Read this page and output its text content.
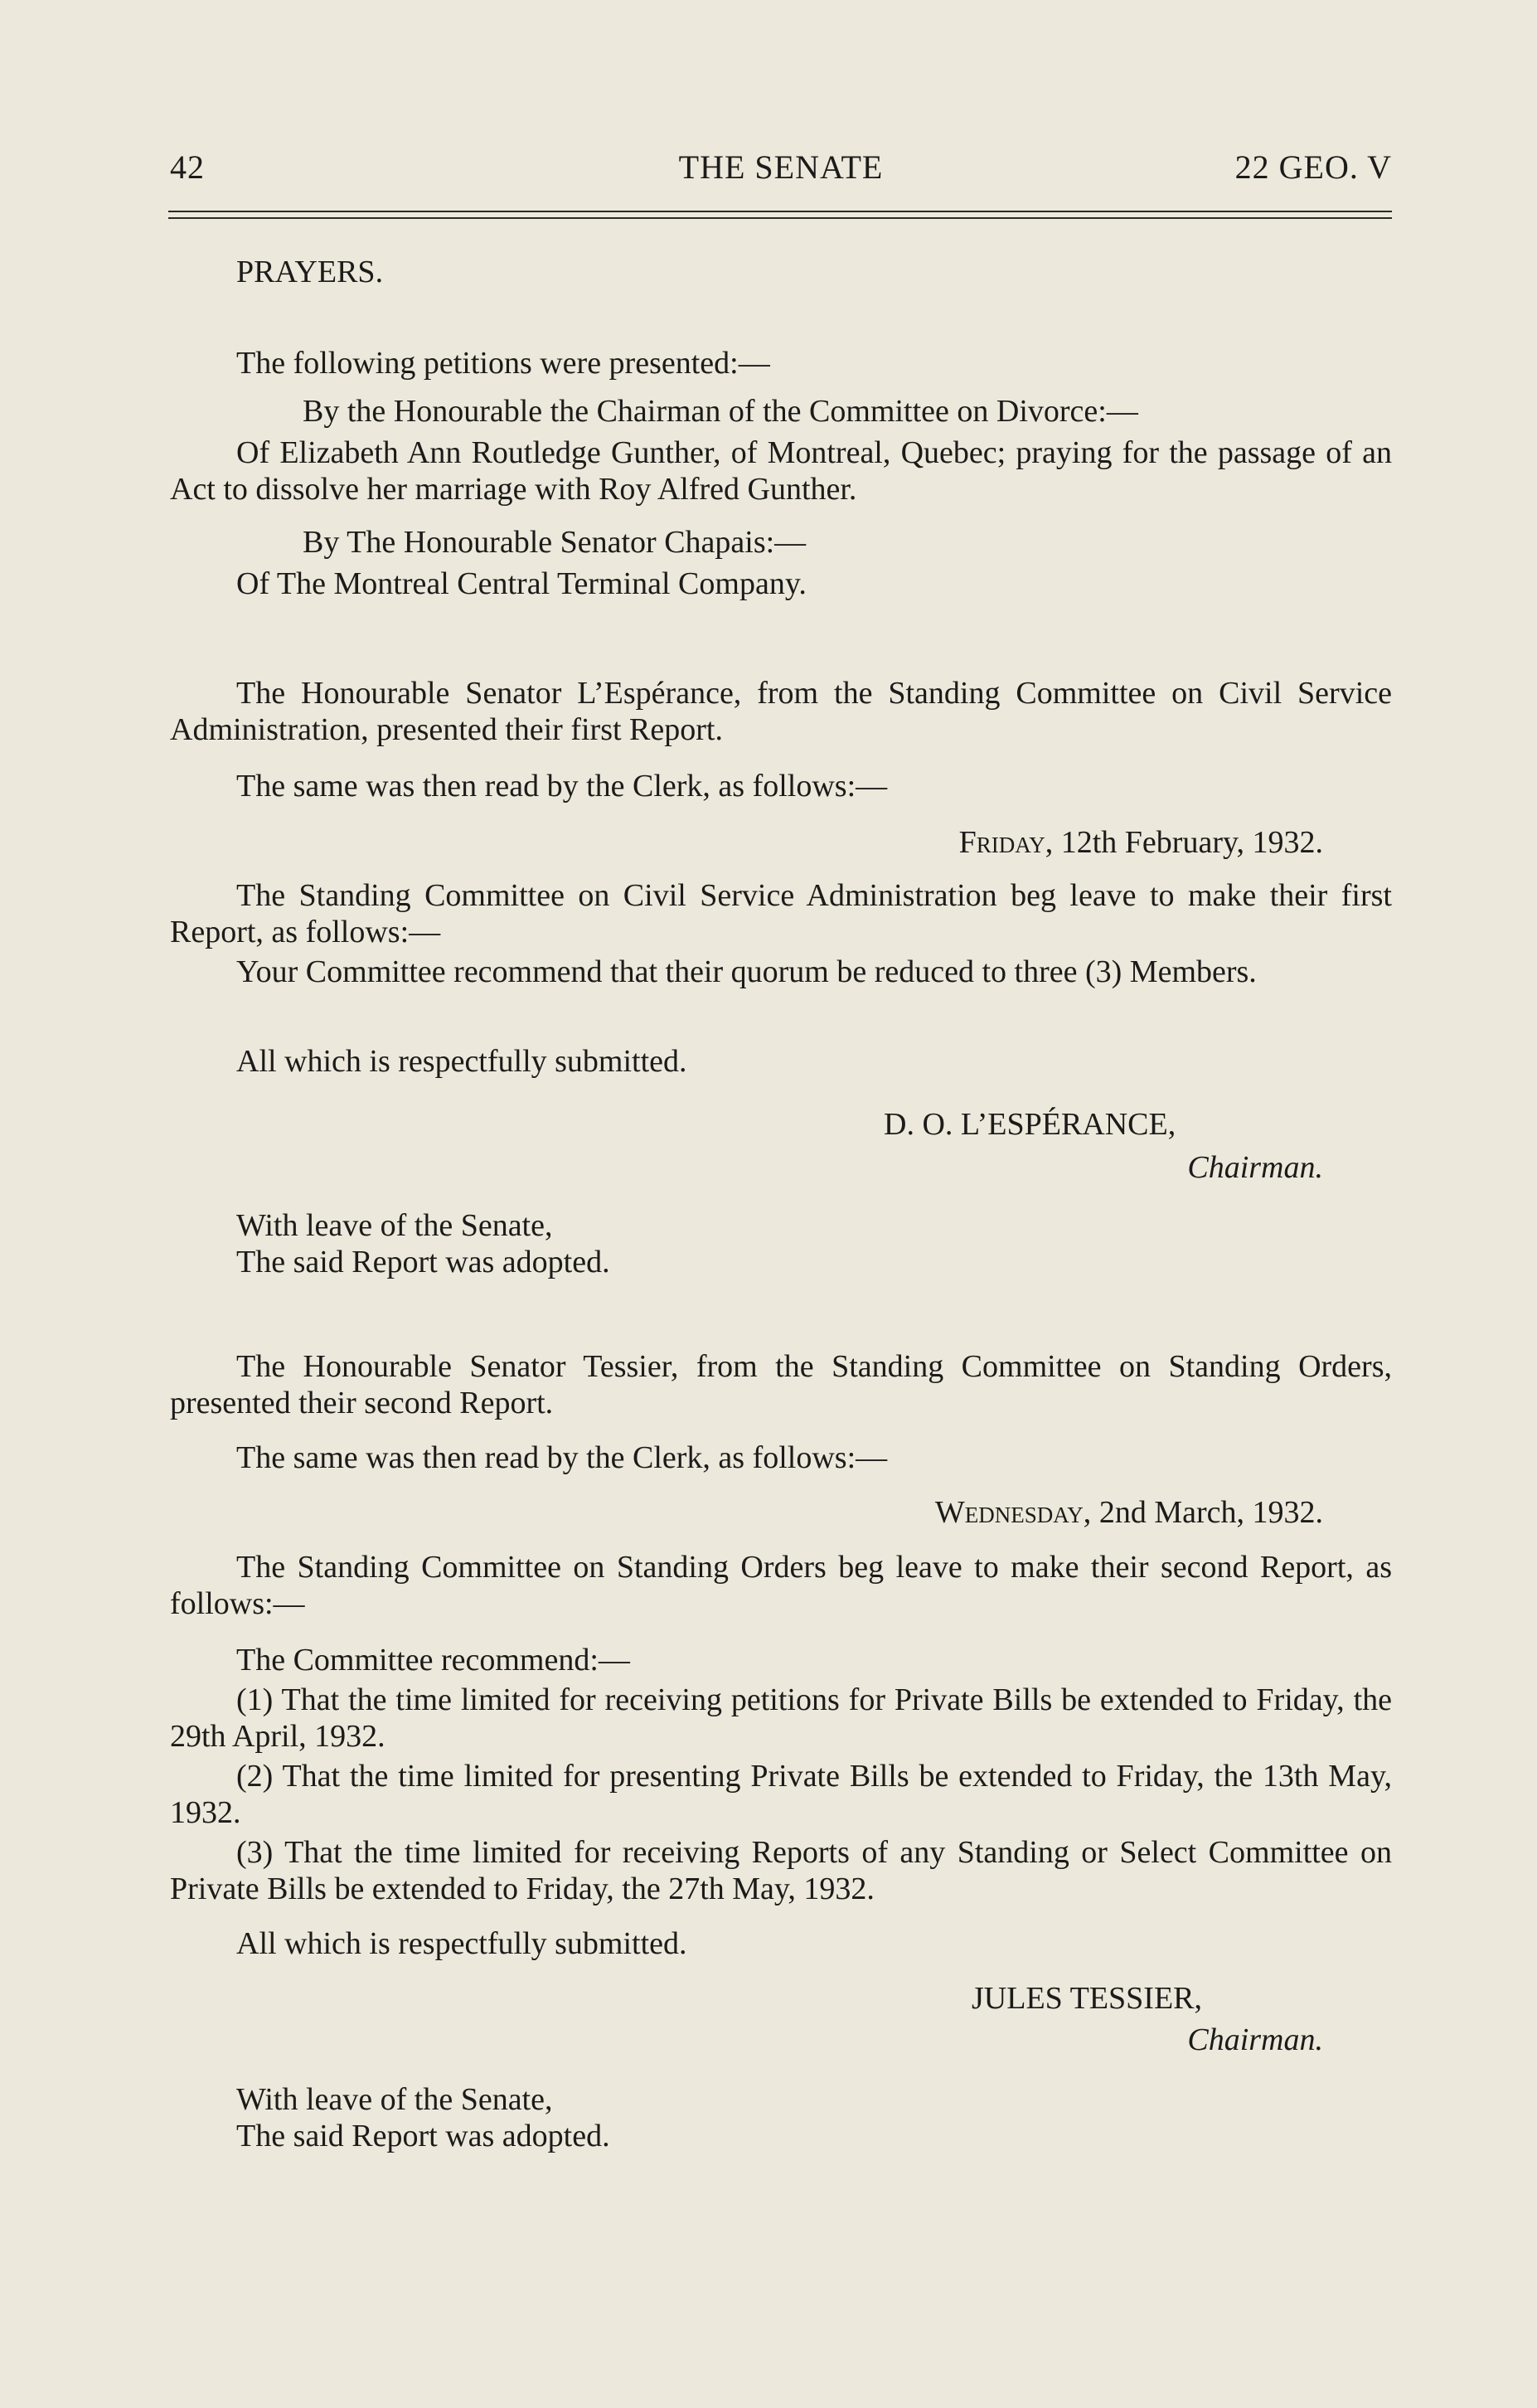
42	THE SENATE	22 GEO. V

PRAYERS.

The following petitions were presented:—

By the Honourable the Chairman of the Committee on Divorce:—

Of Elizabeth Ann Routledge Gunther, of Montreal, Quebec; praying for the passage of an Act to dissolve her marriage with Roy Alfred Gunther.

By The Honourable Senator Chapais:—

Of The Montreal Central Terminal Company.

The Honourable Senator L’Espérance, from the Standing Committee on Civil Service Administration, presented their first Report.

The same was then read by the Clerk, as follows:—

Friday, 12th February, 1932.

The Standing Committee on Civil Service Administration beg leave to make their first Report, as follows:—

Your Committee recommend that their quorum be reduced to three (3) Members.

All which is respectfully submitted.

D. O. L’ESPÉRANCE,

Chairman.

With leave of the Senate,

The said Report was adopted.

The Honourable Senator Tessier, from the Standing Committee on Standing Orders, presented their second Report.

The same was then read by the Clerk, as follows:—

Wednesday, 2nd March, 1932.

The Standing Committee on Standing Orders beg leave to make their second Report, as follows:—

The Committee recommend:—

(1) That the time limited for receiving petitions for Private Bills be extended to Friday, the 29th April, 1932.

(2) That the time limited for presenting Private Bills be extended to Friday, the 13th May, 1932.

(3) That the time limited for receiving Reports of any Standing or Select Committee on Private Bills be extended to Friday, the 27th May, 1932.

All which is respectfully submitted.

JULES TESSIER,

Chairman.

With leave of the Senate,

The said Report was adopted.
